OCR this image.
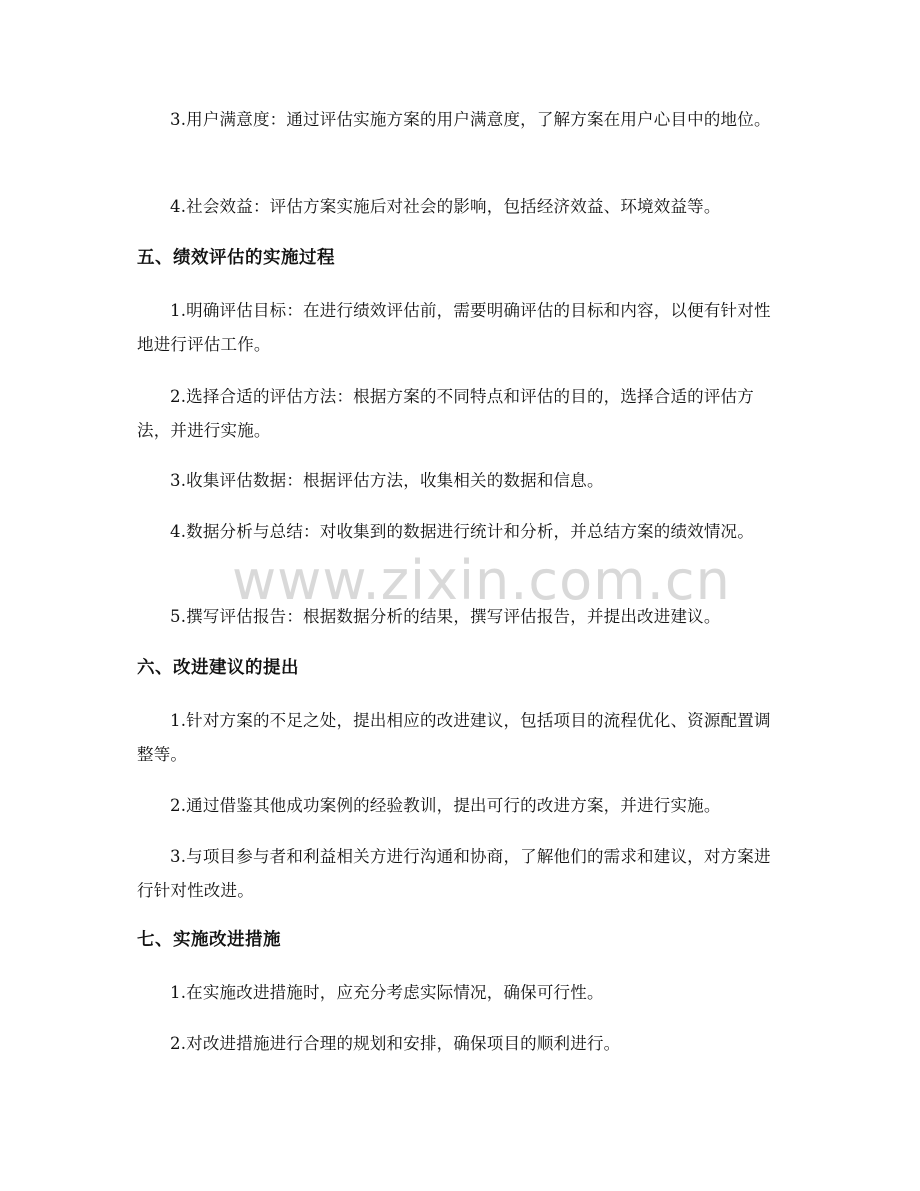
3.用户满意度：通过评估实施方案的用户满意度，了解方案在用户心目中的地位。

4.社会效益：评估方案实施后对社会的影响，包括经济效益、环境效益等。

五、绩效评估的实施过程

1.明确评估目标：在进行绩效评估前，需要明确评估的目标和内容，以便有针对性地进行评估工作。

2.选择合适的评估方法：根据方案的不同特点和评估的目的，选择合适的评估方法，并进行实施。

3.收集评估数据：根据评估方法，收集相关的数据和信息。

4.数据分析与总结：对收集到的数据进行统计和分析，并总结方案的绩效情况。

5.撰写评估报告：根据数据分析的结果，撰写评估报告，并提出改进建议。

六、改进建议的提出

1.针对方案的不足之处，提出相应的改进建议，包括项目的流程优化、资源配置调整等。

2.通过借鉴其他成功案例的经验教训，提出可行的改进方案，并进行实施。

3.与项目参与者和利益相关方进行沟通和协商，了解他们的需求和建议，对方案进行针对性改进。

七、实施改进措施

1.在实施改进措施时，应充分考虑实际情况，确保可行性。

2.对改进措施进行合理的规划和安排，确保项目的顺利进行。

www.zixin.com.cn
